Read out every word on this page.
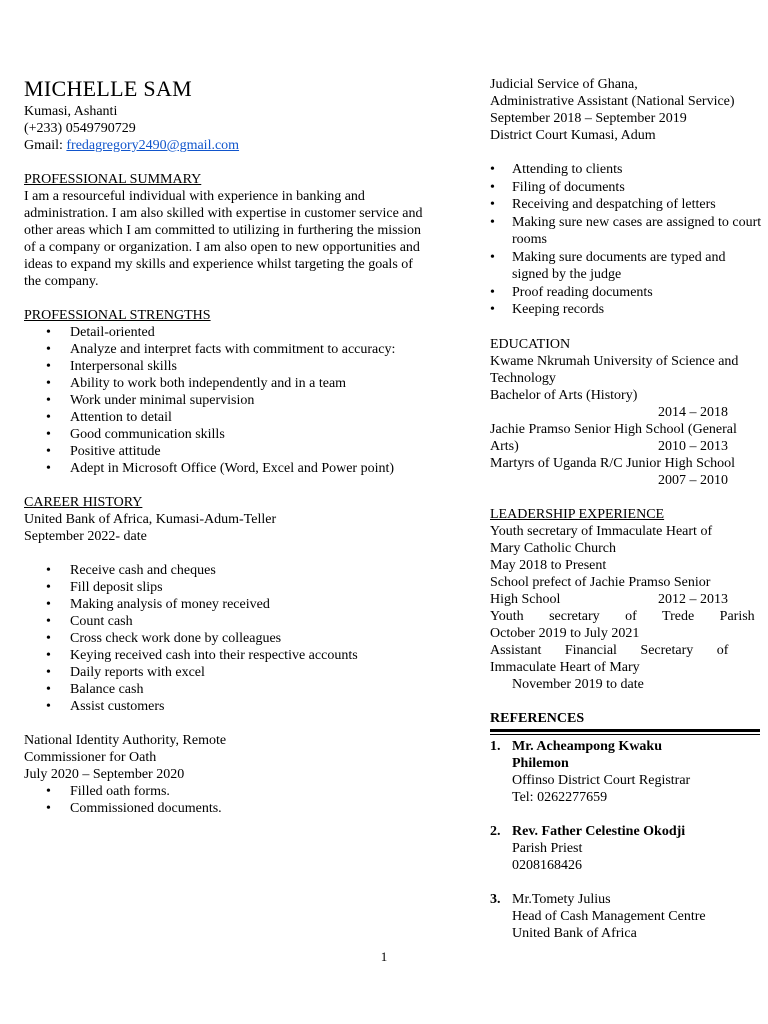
MICHELLE SAM

Kumasi, Ashanti

(+233) 0549790729

Gmail: fredagregory2490@gmail.com

PROFESSIONAL SUMMARY

I am a resourceful individual with experience in banking and

administration. I am also skilled with expertise in customer service and

other areas which I am committed to utilizing in furthering the mission

of a company or organization. I am also open to new opportunities and

ideas to expand my skills and experience whilst targeting the goals of

the company.

PROFESSIONAL STRENGTHS

• Detail-oriented
• Analyze and interpret facts with commitment to accuracy:
• Interpersonal skills
• Ability to work both independently and in a team
• Work under minimal supervision
• Attention to detail
• Good communication skills
• Positive attitude
• Adept in Microsoft Office (Word, Excel and Power point)

CAREER HISTORY

United Bank of Africa, Kumasi-Adum-Teller

September 2022- date

• Receive cash and cheques
• Fill deposit slips
• Making analysis of money received
• Count cash
• Cross check work done by colleagues
• Keying received cash into their respective accounts
• Daily reports with excel
• Balance cash
• Assist customers

National Identity Authority, Remote

Commissioner for Oath

July 2020 – September 2020

• Filled oath forms.
• Commissioned documents.

Judicial Service of Ghana,

Administrative Assistant (National Service)

September 2018 – September 2019

District Court Kumasi, Adum

• Attending to clients
• Filing of documents
• Receiving and despatching of letters
• Making sure new cases are assigned to court rooms
• Making sure documents are typed and signed by the judge
• Proof reading documents
• Keeping records

EDUCATION

Kwame Nkrumah University of Science and

Technology

Bachelor of Arts (History)

2014 – 2018

Jachie Pramso Senior High School (General

Arts)	2010 – 2013

Martyrs of Uganda R/C Junior High School

2007 – 2010

LEADERSHIP EXPERIENCE

Youth secretary of Immaculate Heart of

Mary Catholic Church

May 2018 to Present

School prefect of Jachie Pramso Senior

High School	2012 – 2013

Youth secretary of Trede Parish

October 2019 to July 2021

Assistant Financial Secretary of

Immaculate Heart of Mary

November 2019 to date

REFERENCES

1. Mr. Acheampong Kwaku
Philemon
Offinso District Court Registrar
Tel: 0262277659
2. Rev. Father Celestine Okodji
Parish Priest
0208168426
3. Mr.Tomety Julius
Head of Cash Management Centre
United Bank of Africa
1
